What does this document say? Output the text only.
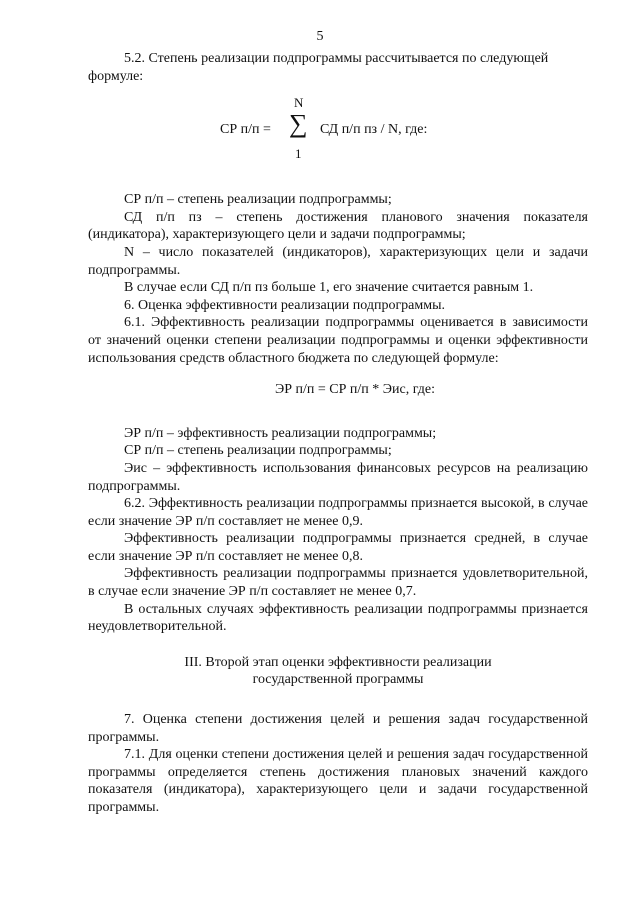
5

5.2. Степень реализации подпрограммы рассчитывается по следующей
формуле:

СР п/п =
N
∑
1
СД п/п пз / N, где:

СР п/п – степень реализации подпрограммы;

СД п/п пз – степень достижения планового значения показателя (индикатора), характеризующего цели и задачи подпрограммы;

N – число показателей (индикаторов), характеризующих цели и задачи подпрограммы.

В случае если СД п/п пз больше 1, его значение считается равным 1.

6. Оценка эффективности реализации подпрограммы.

6.1. Эффективность реализации подпрограммы оценивается в зависимости от значений оценки степени реализации подпрограммы и оценки эффективности использования средств областного бюджета по следующей формуле:

ЭР п/п = СР п/п * Эис, где:

ЭР п/п – эффективность реализации подпрограммы;

СР п/п – степень реализации подпрограммы;

Эис – эффективность использования финансовых ресурсов на реализацию подпрограммы.

6.2. Эффективность реализации подпрограммы признается высокой, в случае если значение ЭР п/п составляет не менее 0,9.

Эффективность реализации подпрограммы признается средней, в случае если значение ЭР п/п составляет не менее 0,8.

Эффективность реализации подпрограммы признается удовлетворительной, в случае если значение ЭР п/п составляет не менее 0,7.

В остальных случаях эффективность реализации подпрограммы признается неудовлетворительной.

III. Второй этап оценки эффективности реализации
государственной программы

7. Оценка степени достижения целей и решения задач государственной программы.

7.1. Для оценки степени достижения целей и решения задач государственной программы определяется степень достижения плановых значений каждого показателя (индикатора), характеризующего цели и задачи государственной программы.
